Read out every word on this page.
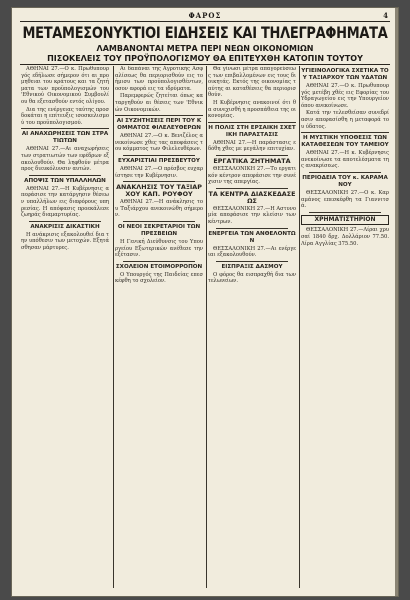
ΦΑΡΟΣ	4
ΜΕΤΑΜΕΣΟΝΥΚΤΙΟΙ ΕΙΔΗΣΕΙΣ ΚΑΙ ΤΗΛΕΓΡΑΦΗΜΑΤΑ
ΛΑΜΒΑΝΟΝΤΑΙ ΜΕΤΡΑ ΠΕΡΙ ΝΕΩΝ ΟΙΚΟΝΟΜΙΩΝ
ΠΙΣΟΚΕΛΕΙΣ ΤΟΥ ΠΡΟΫΠΟΛΟΓΙΣΜΟΥ ΘΑ ΕΠΙΤΕΥΧΘΗ ΚΑΤΟΠΙΝ ΤΟΥΤΟΥ

ΑΘΗΝΑΙ 27.—Ο κ. Πρωθυπουργός εδήλωσε σήμερον ότι αι προμηθειαι του κράτους και τα ζητήματα των προϋπολογισμών του 'Εθνικού Οικονομικού Συμβουλίου θα εξετασθούν εντός ολίγου.

Δια της ενέργειας ταύτης προσδοκάται η επίτευξις ισοσκελισμού του προϋπολογισμού.

ΑΙ ΑΝΑΧΩΡΗΣΕΙΣ ΤΩΝ ΣΤΡΑΤΙΩΤΩΝ

ΑΘΗΝΑΙ 27.—Αι αναχωρήσεις των στρατιωτών των εφέδρων εξακολουθούν. Θα ληφθούν μέτρα προς διευκόλυνσιν αυτών.

ΑΠΟΨΙΣ ΤΩΝ ΥΠΑΛΛΗΛΩΝ

ΑΘΗΝΑΙ 27.—Η Κυβέρνησις απεφάσισε την κατάργησιν θέσεων υπαλλήλων εις διαφόρους υπηρεσίας. Η απόφασις προεκάλεσε ζωηράς διαμαρτυρίας.

ΑΝΑΚΡΙΣΙΣ ΔΙΚΑΣΤΙΚΗ

Η ανάκρισις εξακολουθεί δια την υπόθεσιν των μετοχών. Εξητάσθησαν μάρτυρες.

Αι δαπάναι της Αγροτικής Ασφαλίσεως θα περιορισθούν εις το ήμισυ των προϋπολογισθέντων, οσον αφορά εις τα ιδρύματα.

Παρεμφερώς ζητείται όπως καταργηθούν αι θέσεις των 'Εθνικών Οικονομικών.

ΑΙ ΣΥΖΗΤΗΣΕΙΣ ΠΕΡΙ ΤΟΥ ΚΟΜΜΑΤΟΣ ΦΙΛΕΛΕΥΘΕΡΩΝ

ΑΘΗΝΑΙ 27.—Ο κ. Βενιζέλος ανεκοίνωσε χθες τας αποφάσεις του κόμματος των Φιλελευθέρων.

ΕΥΧΑΡΙΣΤΙΑΙ ΠΡΕΣΒΕΥΤΟΥ

ΑΘΗΝΑΙ 27.—Ο πρέσβυς ευχαρίστησε την Κυβέρνησιν.

ΑΝΑΚΛΗΣΙΣ ΤΟΥ ΤΑΞΙΑΡΧΟΥ ΚΑΠ. ΡΟΥΦΟΥ

ΑΘΗΝΑΙ 27.—Η ανάκλησις του Ταξιάρχου ανεκοινώθη σήμερον.

ΟΙ ΝΕΟΙ ΣΕΚΡΕΤΑΡΙΟΙ ΤΩΝ ΠΡΕΣΒΕΙΩΝ

Η Γενική Διεύθυνσις του Υπουργείου Εξωτερικών ανέθεσε την εξέτασιν.

ΣΧΟΛΕΙΟΝ ΕΤΟΙΜΟΡΡΟΠΟΝ

Ο Υπουργός της Παιδείας επεσκέφθη το σχολείον.

Θα γίνωσι μέτρα απαγορεύσεως των επιβαλλομένων εις τους διοικητάς. Εκτός της οικονομίας ταύτης αι καταθέσεις θα περιορισθούν.

Η Κυβέρνησις ανακοινοί ότι θα συνεχισθή η προσπάθεια της οικονομίας.

Η ΠΟΛΙΣ ΣΤΗ ΕΡΣΑΙΚΗ ΣΧΕΤΙΚΗ ΠΑΡΑΣΤΑΣΙΣ

ΑΘΗΝΑΙ 27.—Η παράστασις εδόθη χθες με μεγάλην επιτυχίαν.

ΕΡΓΑΤΙΚΑ ΖΗΤΗΜΑΤΑ

ΘΕΣΣΑΛΟΝΙΚΗ 27.—Το εργατικόν κέντρον απεφάσισε την συνέχισιν της απεργίας.

ΤΑ ΚΕΝΤΡΑ ΔΙΑΣΚΕΔΑΣΕΩΣ

ΘΕΣΣΑΛΟΝΙΚΗ 27.—Η Αστυνομία απεφάσισε την κλείσιν των κέντρων.

ΕΝΕΡΓΕΙΑ ΤΩΝ ΑΝΘΕΛΟΝΤΩΝ

ΘΕΣΣΑΛΟΝΙΚΗ 27.—Αι ενέργειαι εξακολουθούν.

ΕΙΣΠΡΑΞΙΣ ΔΑΣΜΟΥ

Ο φόρος θα εισπραχθή δια των τελωνείων.

ΥΓΙΕΙΝΟΛΟΓΙΚΑ ΣΧΕΤΙΚΑ ΤΟΥ ΤΑΞΙΑΡΧΟΥ ΤΩΝ ΥΔΑΤΩΝ

ΑΘΗΝΑΙ 27.—Ο κ. Πρωθυπουργός μετέβη χθές εις Εφορίας του Υδραγωγείου εις την Υπουργείον όπου ανεκοίνωσε.

Κατά την τελεσθείσαν συνεδρίασιν απεφασίσθη η μεταφορά του ύδατος.

Η ΜΥΣΤΙΚΗ ΥΠΟΘΕΣΙΣ ΤΩΝ ΚΑΤΑΘΕΣΕΩΝ ΤΟΥ ΤΑΜΕΙΟΥ

ΑΘΗΝΑΙ 27.—Η κ. Κυβέρνησις ανεκοίνωσε τα αποτελέσματα της ανακρίσεως.

ΠΕΡΙΟΔΕΙΑ ΤΟΥ κ. ΚΑΡΑΜΑΝΟΥ

ΘΕΣΣΑΛΟΝΙΚΗ 27.—Ο κ. Καραμάνος επεσκέφθη τα Γιαννιτσά.

ΧΡΗΜΑΤΙΣΤΗΡΙΟΝ

ΘΕΣΣΑΛΟΝΙΚΗ 27.—Λίραι χρυσαί 1840 δρχ. Δολλάριον 77.50. Λίρα Αγγλίας 375.50.
